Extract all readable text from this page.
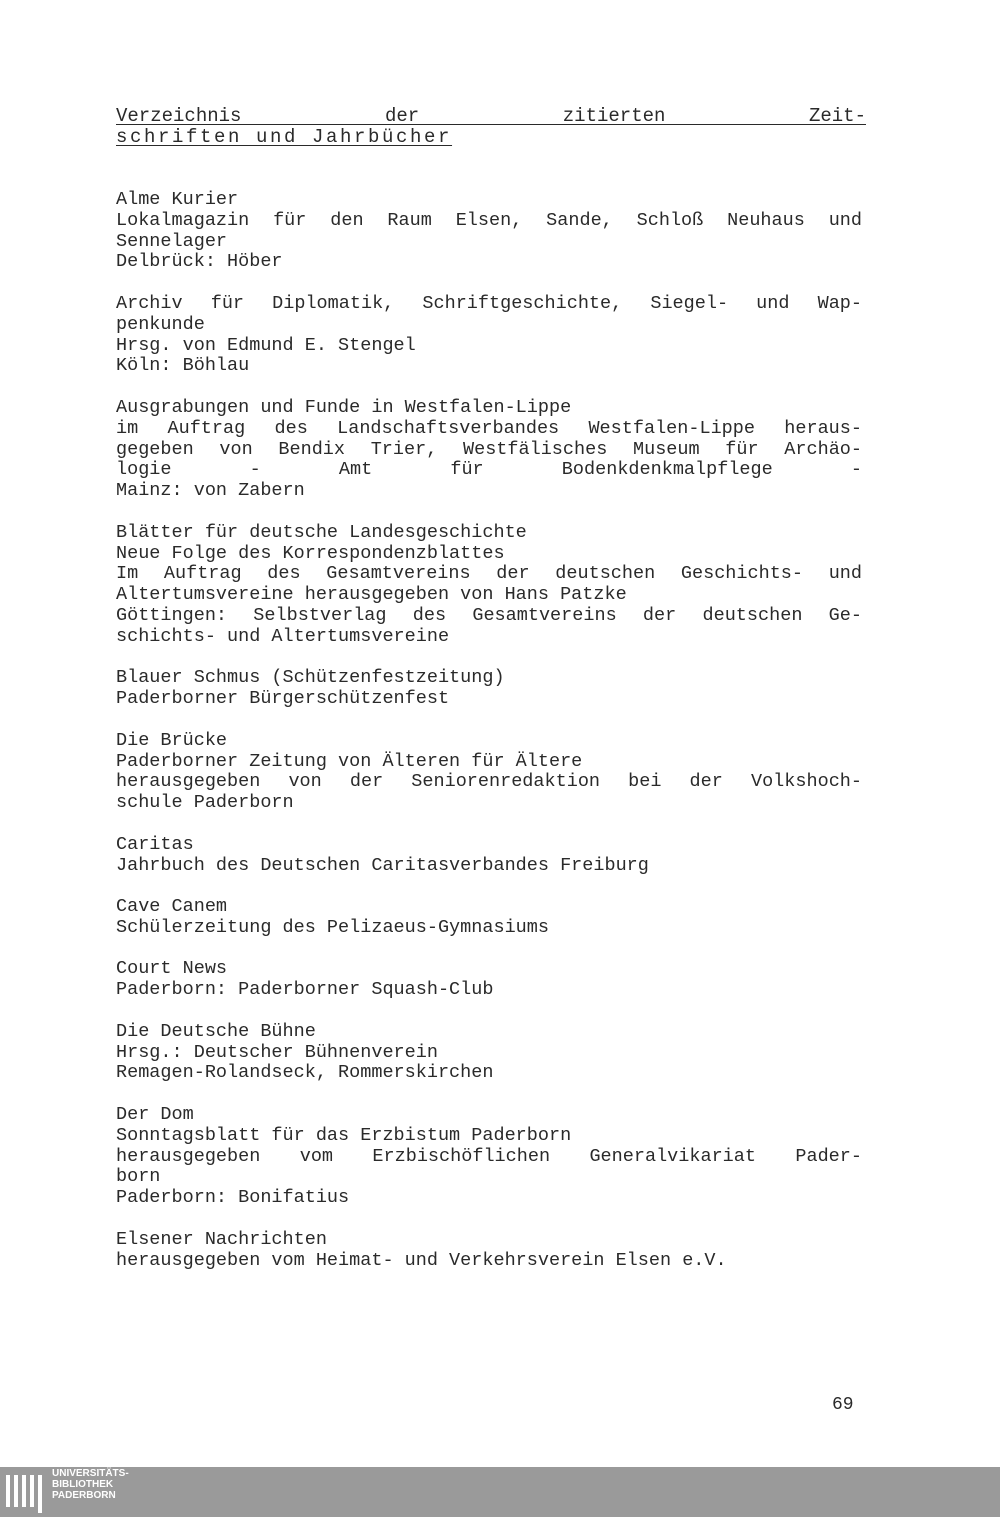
Verzeichnis der zitierten Zeit-
schriften und Jahrbücher
Alme Kurier
Lokalmagazin für den Raum Elsen, Sande, Schloß Neuhaus und
Sennelager
Delbrück: Höber
Archiv für Diplomatik, Schriftgeschichte, Siegel- und Wap-
penkunde
Hrsg. von Edmund E. Stengel
Köln: Böhlau
Ausgrabungen und Funde in Westfalen-Lippe
im Auftrag des Landschaftsverbandes Westfalen-Lippe heraus-
gegeben von Bendix Trier, Westfälisches Museum für Archäo-
logie - Amt für Bodenkdenkmalpflege -
Mainz: von Zabern
Blätter für deutsche Landesgeschichte
Neue Folge des Korrespondenzblattes
Im Auftrag des Gesamtvereins der deutschen Geschichts- und
Altertumsvereine herausgegeben von Hans Patzke
Göttingen: Selbstverlag des Gesamtvereins der deutschen Ge-
schichts- und Altertumsvereine
Blauer Schmus (Schützenfestzeitung)
Paderborner Bürgerschützenfest
Die Brücke
Paderborner Zeitung von Älteren für Ältere
herausgegeben von der Seniorenredaktion bei der Volkshoch-
schule Paderborn
Caritas
Jahrbuch des Deutschen Caritasverbandes Freiburg
Cave Canem
Schülerzeitung des Pelizaeus-Gymnasiums
Court News
Paderborn: Paderborner Squash-Club
Die Deutsche Bühne
Hrsg.: Deutscher Bühnenverein
Remagen-Rolandseck, Rommerskirchen
Der Dom
Sonntagsblatt für das Erzbistum Paderborn
herausgegeben vom Erzbischöflichen Generalvikariat Pader-
born
Paderborn: Bonifatius
Elsener Nachrichten
herausgegeben vom Heimat- und Verkehrsverein Elsen e.V.
69
UNIVERSITÄTS-
BIBLIOTHEK
PADERBORN
